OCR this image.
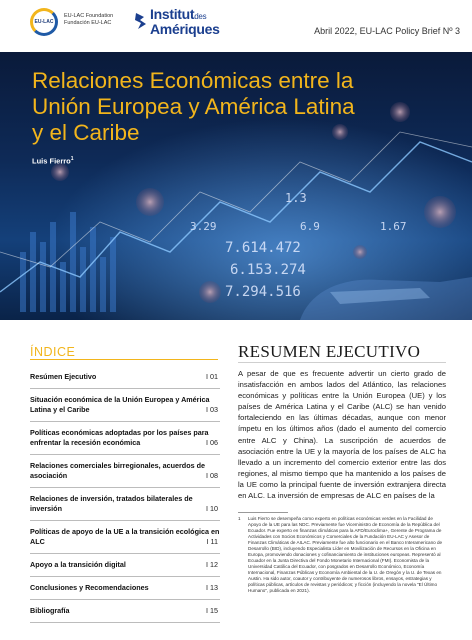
EU-LAC
EU-LAC Foundation
Fundación EU-LAC
Institutdes
Amériques	Abril 2022, EU-LAC Policy Brief Nº 3
1.3
3.29	6.9	1.67
7.614.472
6.153.274
7.294.516
Relaciones Económicas entre la Unión Europea y América Latina y el Caribe
Luis Fierro$^1$
ÍNDICE
Resúmen Ejecutivo	I 01
Situación económica de la Unión Europea y América Latina y el Caribe	I 03
Políticas económicas adoptadas por los países para enfrentar la recesión económica	I 06
Relaciones comerciales birregionales, acuerdos de asociación	I 08
Relaciones de inversión, tratados bilaterales de inversión	I 10
Políticas de apoyo de la UE a la transición ecológica en ALC	I 11
Apoyo a la transición digital	I 12
Conclusiones y Recomendaciones	I 13
Bibliografía	I 15
RESUMEN EJECUTIVO
A pesar de que es frecuente advertir un cierto grado de insatisfacción en ambos lados del Atlántico, las relaciones económicas y políticas entre la Unión Europea (UE) y los países de América Latina y el Caribe (ALC) se han venido fortaleciendo en las últimas décadas, aunque con menor ímpetu en los últimos años (dado el aumento del comercio entre ALC y China). La suscripción de acuerdos de asociación entre la UE y la mayoría de los países de ALC ha llevado a un incremento del comercio exterior entre las dos regiones, al mismo tiempo que ha mantenido a los países de la UE como la principal fuente de inversión extranjera directa en ALC. La inversión de empresas de ALC en países de la
1	Luis Fierro se desempeña como experto en políticas económicas verdes en la Facilidad de Apoyo de la UE para las NDC. Previamente fue Viceministro de Economía de la República del Ecuador. Fue experto en finanzas climáticas para la AFD/Euroclima+, Gerente de Programa de Actividades con Socios Económicos y Comerciales de la Fundación EU-LAC y Asesor de Finanzas Climáticas de AILAC. Previamente fue alto funcionario en el Banco Interamericano de Desarrollo (BID), incluyendo Especialista Líder en Movilización de Recursos en la Oficina en Europa, promoviendo donaciones y cofinanciamiento de instituciones europeas. Representó al Ecuador en la Junta Directiva del Fondo Monetario Internacional (FMI). Economista de la Universidad Católica del Ecuador, con posgrados en Desarrollo Económico, Economía Internacional, Finanzas Públicas y Economía Ambiental de la U. de Oregón y la U. de Texas en Austin. Ha sido autor, coautor y contribuyente de numerosos libros, ensayos, estrategias y políticas públicas, artículos de revistas y periódicos; y ficción (incluyendo la novela "El Último Humano", publicada en 2021).
